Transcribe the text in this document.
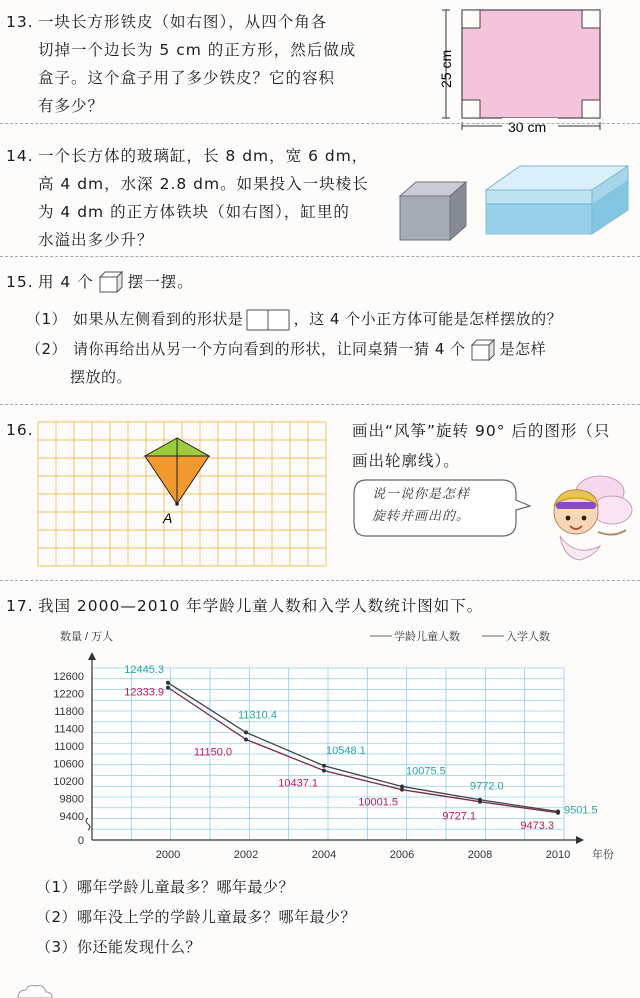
13. 一块长方形铁皮（如右图），从四个角各
切掉一个边长为 5 cm 的正方形，然后做成
盒子。这个盒子用了多少铁皮？它的容积
有多少？
25 cm
30 cm
14. 一个长方体的玻璃缸，长 8 dm，宽 6 dm，
高 4 dm，水深 2.8 dm。如果投入一块棱长
为 4 dm 的正方体铁块（如右图），缸里的
水溢出多少升？
15. 用 4 个 摆一摆。
（1） 如果从左侧看到的形状是	，这 4 个小正方体可能是怎样摆放的？
（2） 请你再给出从另一个方向看到的形状，让同桌猜一猜 4 个 是怎样
摆放的。
16.
A
画出“风筝”旋转 90° 后的图形（只
画出轮廓线）。
说一说你是怎样
旋转并画出的。
17. 我国 2000—2010 年学龄儿童人数和入学人数统计图如下。
数量 / 万人	学龄儿童人数	入学人数
0
9400
9800
10200
10600
11000
11400
11800
12200
12600
2000	2002	2004	2006	2008	2010 年份
12445.3
11310.4
10548.1
10075.5
9772.0
9501.5
12333.9
11150.0
10437.1
10001.5
9727.1
9473.3
（1）哪年学龄儿童最多？哪年最少？
（2）哪年没上学的学龄儿童最多？哪年最少？
（3）你还能发现什么？
